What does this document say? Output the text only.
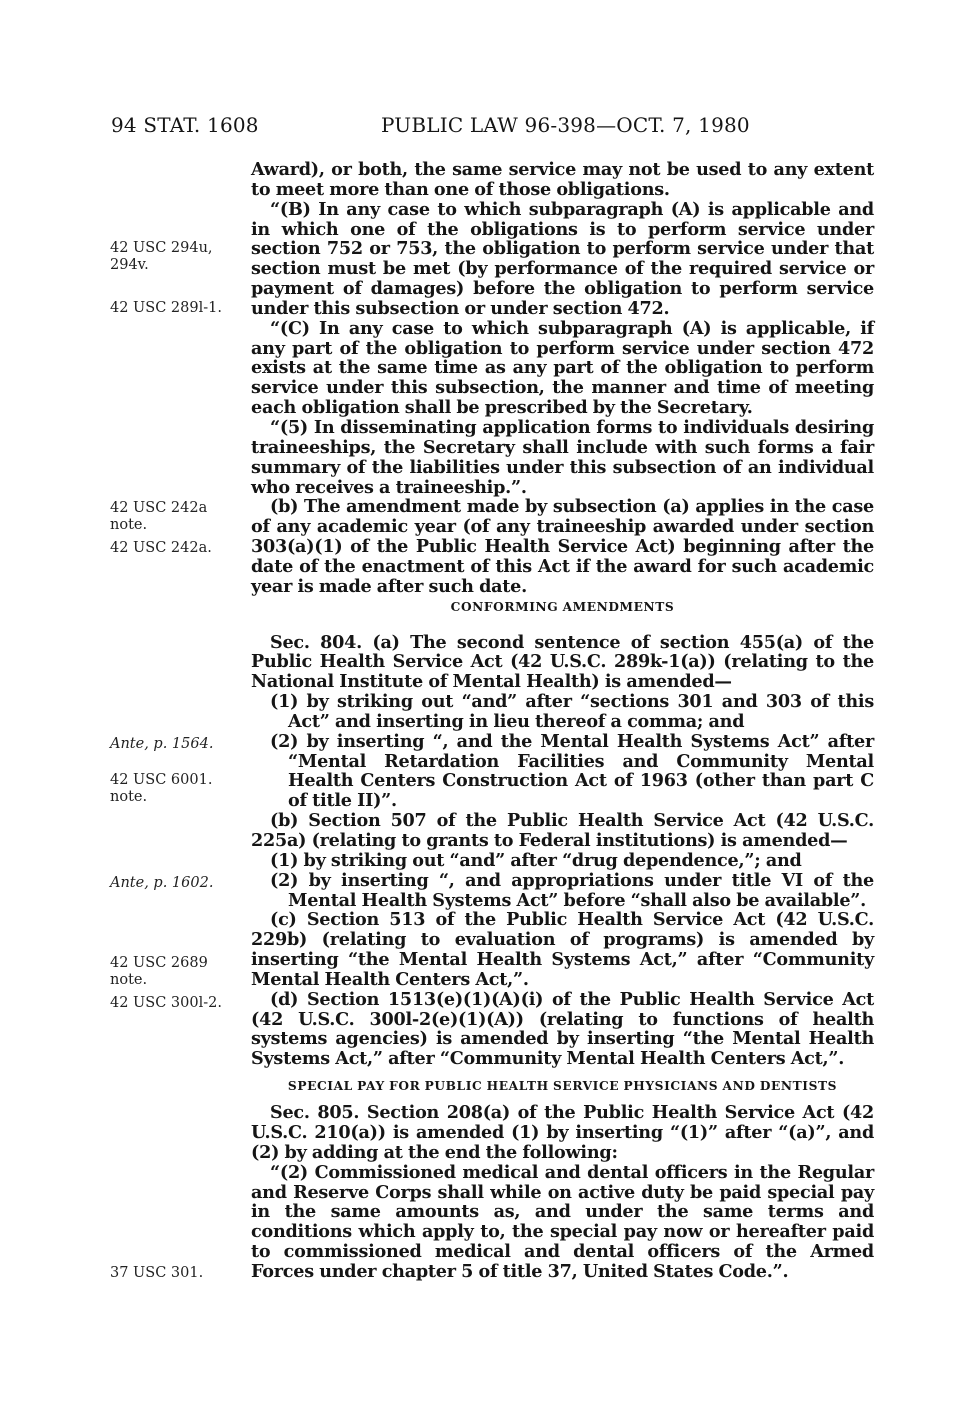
94 STAT. 1608	PUBLIC LAW 96-398—OCT. 7, 1980
42 USC 294u, 294v.
42 USC 289l-1.
42 USC 242a note.
42 USC 242a.
Ante, p. 1564.
42 USC 6001. note.
Ante, p. 1602.
42 USC 2689 note.
42 USC 300l-2.
37 USC 301.

Award), or both, the same service may not be used to any extent to meet more than one of those obligations.

“(B) In any case to which subparagraph (A) is applicable and in which one of the obligations is to perform service under section 752 or 753, the obligation to perform service under that section must be met (by performance of the required service or payment of damages) before the obligation to perform service under this subsection or under section 472.

“(C) In any case to which subparagraph (A) is applicable, if any part of the obligation to perform service under section 472 exists at the same time as any part of the obligation to perform service under this subsection, the manner and time of meeting each obligation shall be prescribed by the Secretary.

“(5) In disseminating application forms to individuals desiring traineeships, the Secretary shall include with such forms a fair summary of the liabilities under this subsection of an individual who receives a traineeship.”.

(b) The amendment made by subsection (a) applies in the case of any academic year (of any traineeship awarded under section 303(a)(1) of the Public Health Service Act) beginning after the date of the enactment of this Act if the award for such academic year is made after such date.

CONFORMING AMENDMENTS

Sec. 804. (a) The second sentence of section 455(a) of the Public Health Service Act (42 U.S.C. 289k-1(a)) (relating to the National Institute of Mental Health) is amended—

(1) by striking out “and” after “sections 301 and 303 of this Act” and inserting in lieu thereof a comma; and

(2) by inserting “, and the Mental Health Systems Act” after “Mental Retardation Facilities and Community Mental Health Centers Construction Act of 1963 (other than part C of title II)”.

(b) Section 507 of the Public Health Service Act (42 U.S.C. 225a) (relating to grants to Federal institutions) is amended—

(1) by striking out “and” after “drug dependence,”; and

(2) by inserting “, and appropriations under title VI of the Mental Health Systems Act” before “shall also be available”.

(c) Section 513 of the Public Health Service Act (42 U.S.C. 229b) (relating to evaluation of programs) is amended by inserting “the Mental Health Systems Act,” after “Community Mental Health Centers Act,”.

(d) Section 1513(e)(1)(A)(i) of the Public Health Service Act (42 U.S.C. 300l-2(e)(1)(A)) (relating to functions of health systems agencies) is amended by inserting “the Mental Health Systems Act,” after “Community Mental Health Centers Act,”.

SPECIAL PAY FOR PUBLIC HEALTH SERVICE PHYSICIANS AND DENTISTS

Sec. 805. Section 208(a) of the Public Health Service Act (42 U.S.C. 210(a)) is amended (1) by inserting “(1)” after “(a)”, and (2) by adding at the end the following:

“(2) Commissioned medical and dental officers in the Regular and Reserve Corps shall while on active duty be paid special pay in the same amounts as, and under the same terms and conditions which apply to, the special pay now or hereafter paid to commissioned medical and dental officers of the Armed Forces under chapter 5 of title 37, United States Code.”.
